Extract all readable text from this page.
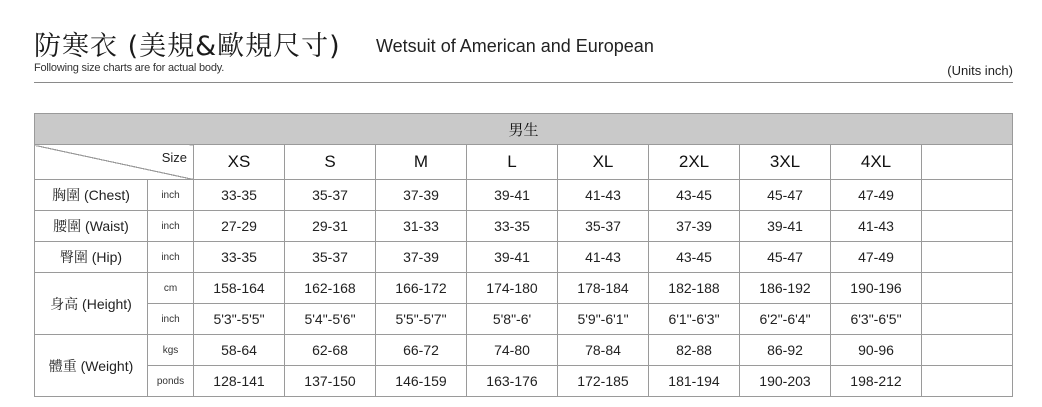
防寒衣 (美規&歐規尺寸) Wetsuit of American and European
Following size charts are for actual body.	(Units inch)
男生										

Size		XS	S	M	L	XL	2XL	3XL	4XL	
胸圍 (Chest)	inch	33-35	35-37	37-39	39-41	41-43	43-45	45-47	47-49	
腰圍 (Waist)	inch	27-29	29-31	31-33	33-35	35-37	37-39	39-41	41-43	
臀圍 (Hip)	inch	33-35	35-37	37-39	39-41	41-43	43-45	45-47	47-49	
身高 (Height)	cm	158-164	162-168	166-172	174-180	178-184	182-188	186-192	190-196	
	inch	5'3"-5'5"	5'4"-5'6"	5'5"-5'7"	5'8"-6'	5'9"-6'1"	6'1"-6'3"	6'2"-6'4"	6'3"-6'5"	
體重 (Weight)	kgs	58-64	62-68	66-72	74-80	78-84	82-88	86-92	90-96	
	ponds	128-141	137-150	146-159	163-176	172-185	181-194	190-203	198-212	
